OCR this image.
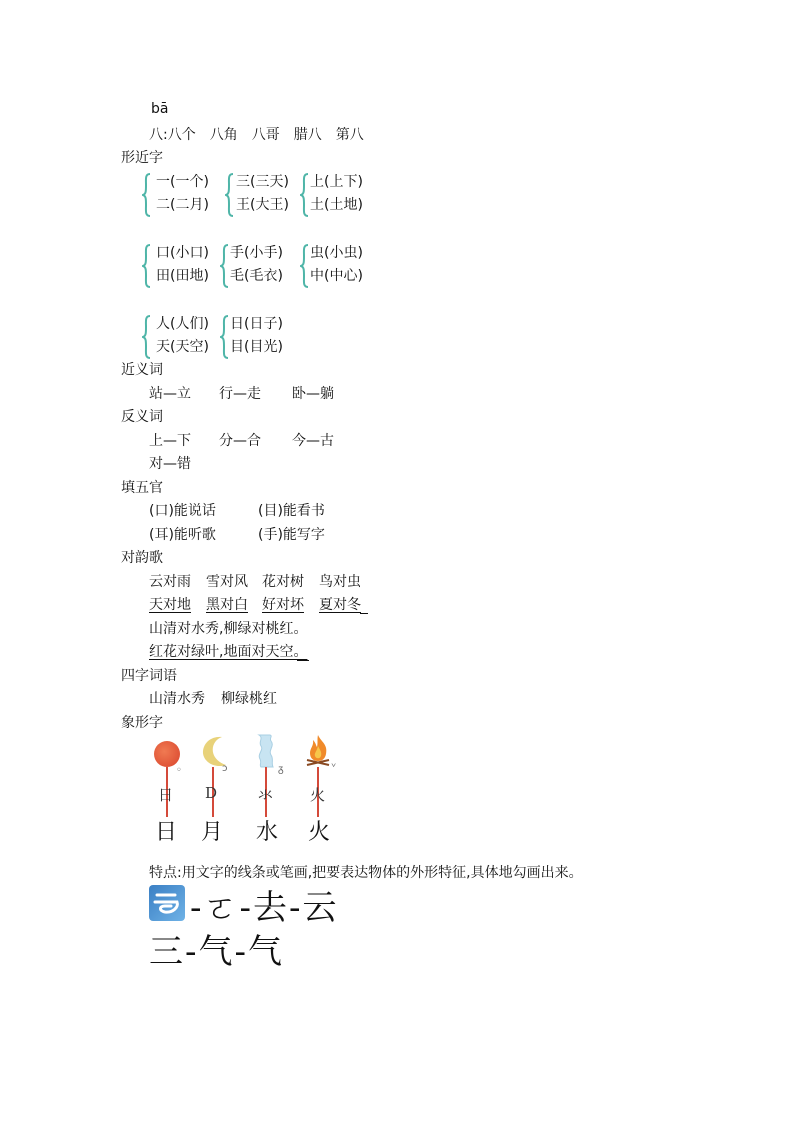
bā
八:八个　八角　八哥　腊八　第八
形近字
一(一个)
二(二月)
三(三天)
王(大王)
上(上下)
土(土地)
口(小口)
田(田地)
手(小手)
毛(毛衣)
虫(小虫)
中(中心)
人(人们)
天(天空)
日(日子)
目(目光)
近义词
站—立 行—走 卧—躺
反义词
上—下 分—合 今—古
对—错
填五官
(口)能说话	(目)能看书
(耳)能听歌	(手)能写字
对韵歌
云对雨 雪对风 花对树 鸟对虫
天对地 黑对白 好对坏 夏对冬
山清对水秀,柳绿对桃红。
红花对绿叶,地面对天空。
四字词语
山清水秀 柳绿桃红
象形字
◦
日
日
ↄ
D
月
ᵹ
氺
水
ᘁ
火
火
特点:用文字的线条或笔画,把要表达物体的外形特征,具体地勾画出来。
-ㄛ-去-云
三-气-气
